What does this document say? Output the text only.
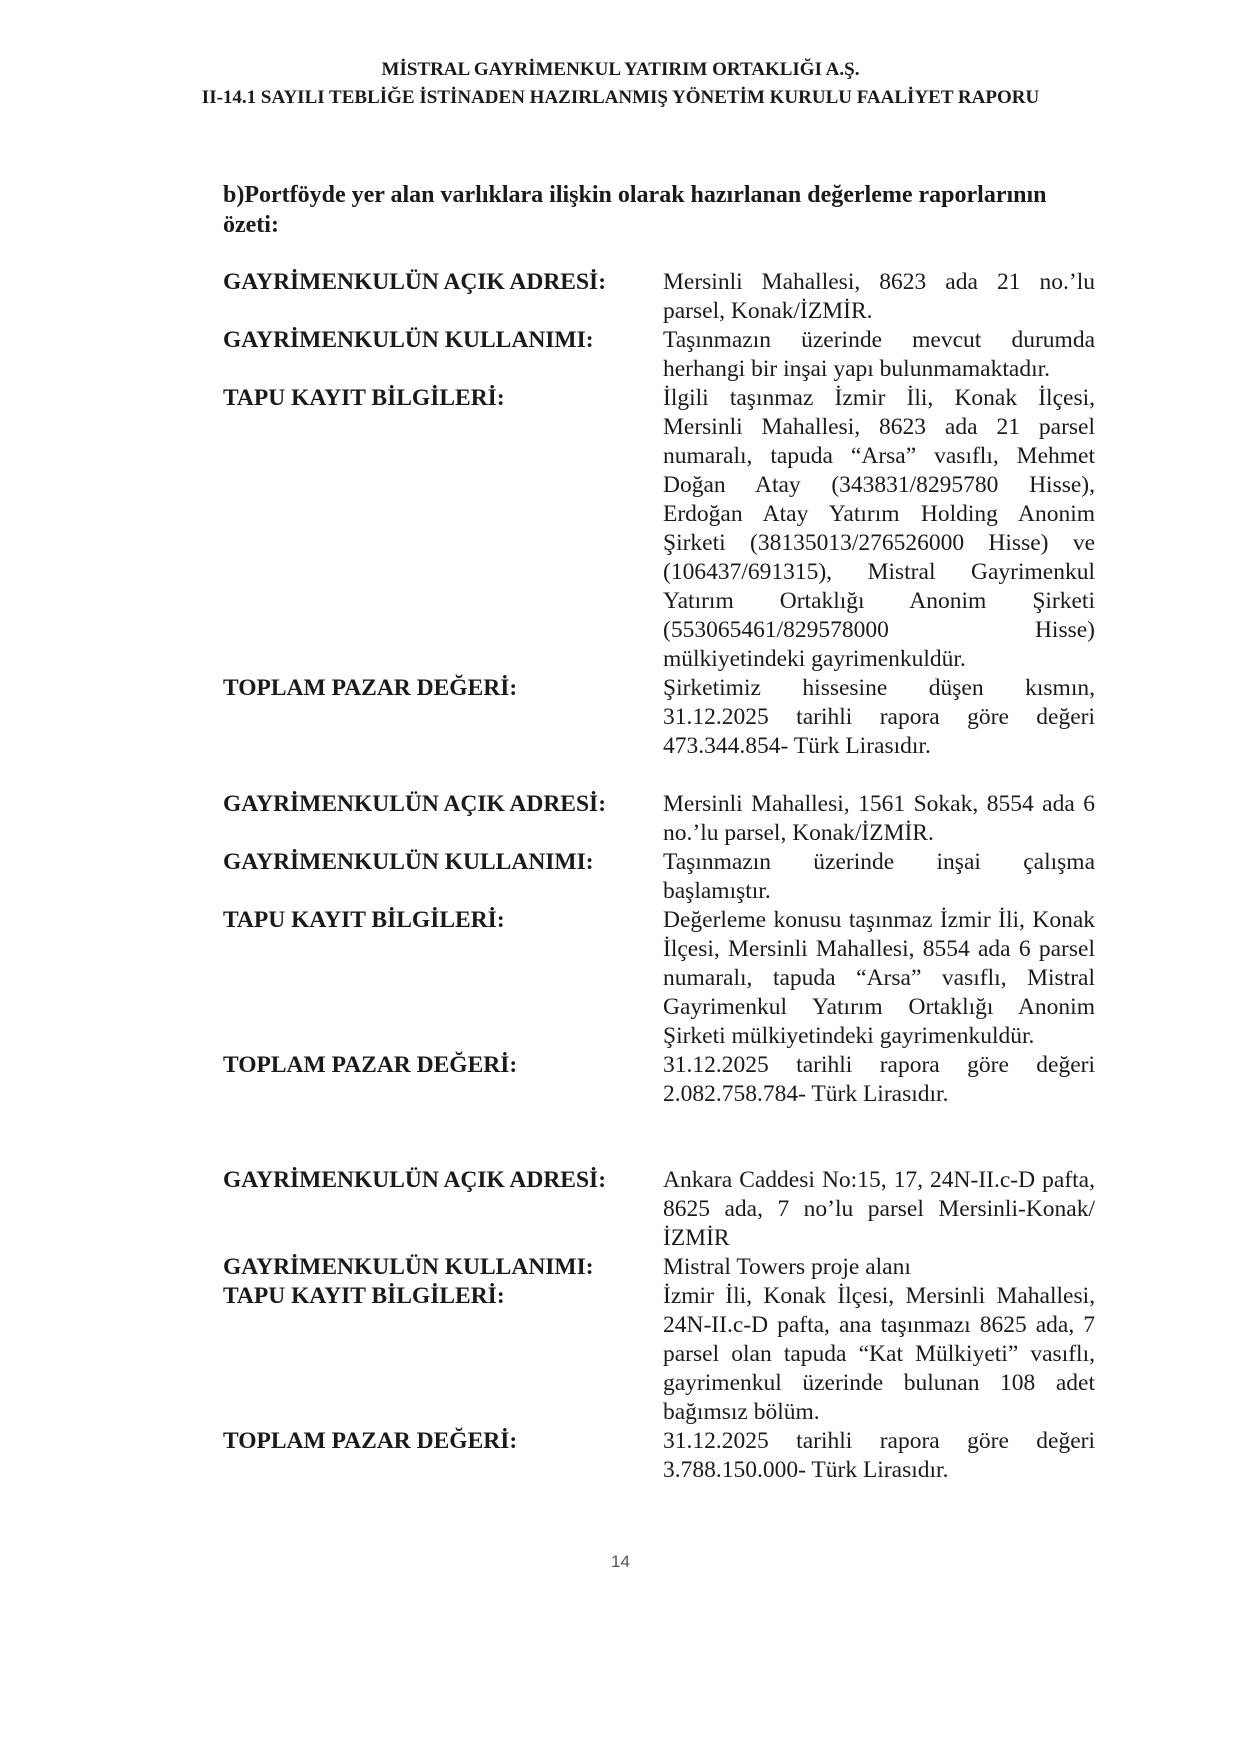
MİSTRAL GAYRİMENKUL YATIRIM ORTAKLIĞI A.Ş.
II-14.1 SAYILI TEBLİĞE İSTİNADEN HAZIRLANMIŞ YÖNETİM KURULU FAALİYET RAPORU
b)Portföyde yer alan varlıklara ilişkin olarak hazırlanan değerleme raporlarının özeti:
GAYRİMENKULÜN AÇIK ADRESİ:	Mersinli Mahallesi, 8623 ada 21 no.’lu parsel, Konak/İZMİR.
GAYRİMENKULÜN KULLANIMI:	Taşınmazın üzerinde mevcut durumda herhangi bir inşai yapı bulunmamaktadır.
TAPU KAYIT BİLGİLERİ:	İlgili taşınmaz İzmir İli, Konak İlçesi, Mersinli Mahallesi, 8623 ada 21 parsel numaralı, tapuda “Arsa” vasıflı, Mehmet Doğan Atay (343831/8295780 Hisse), Erdoğan Atay Yatırım Holding Anonim Şirketi (38135013/276526000 Hisse) ve (106437/691315), Mistral Gayrimenkul Yatırım Ortaklığı Anonim Şirketi (553065461/829578000 Hisse) mülkiyetindeki gayrimenkuldür.
TOPLAM PAZAR DEĞERİ:	Şirketimiz hissesine düşen kısmın, 31.12.2025 tarihli rapora göre değeri 473.344.854- Türk Lirasıdır.
GAYRİMENKULÜN AÇIK ADRESİ:	Mersinli Mahallesi, 1561 Sokak, 8554 ada 6 no.’lu parsel, Konak/İZMİR.
GAYRİMENKULÜN KULLANIMI:	Taşınmazın üzerinde inşai çalışma başlamıştır.
TAPU KAYIT BİLGİLERİ:	Değerleme konusu taşınmaz İzmir İli, Konak İlçesi, Mersinli Mahallesi, 8554 ada 6 parsel numaralı, tapuda “Arsa” vasıflı, Mistral Gayrimenkul Yatırım Ortaklığı Anonim Şirketi mülkiyetindeki gayrimenkuldür.
TOPLAM PAZAR DEĞERİ:	31.12.2025 tarihli rapora göre değeri 2.082.758.784- Türk Lirasıdır.
GAYRİMENKULÜN AÇIK ADRESİ:	Ankara Caddesi No:15, 17, 24N-II.c-D pafta, 8625 ada, 7 no’lu parsel Mersinli-Konak/İZMİR
GAYRİMENKULÜN KULLANIMI:	Mistral Towers proje alanı
TAPU KAYIT BİLGİLERİ:	İzmir İli, Konak İlçesi, Mersinli Mahallesi, 24N-II.c-D pafta, ana taşınmazı 8625 ada, 7 parsel olan tapuda “Kat Mülkiyeti” vasıflı, gayrimenkul üzerinde bulunan 108 adet bağımsız bölüm.
TOPLAM PAZAR DEĞERİ:	31.12.2025 tarihli rapora göre değeri 3.788.150.000- Türk Lirasıdır.
14
